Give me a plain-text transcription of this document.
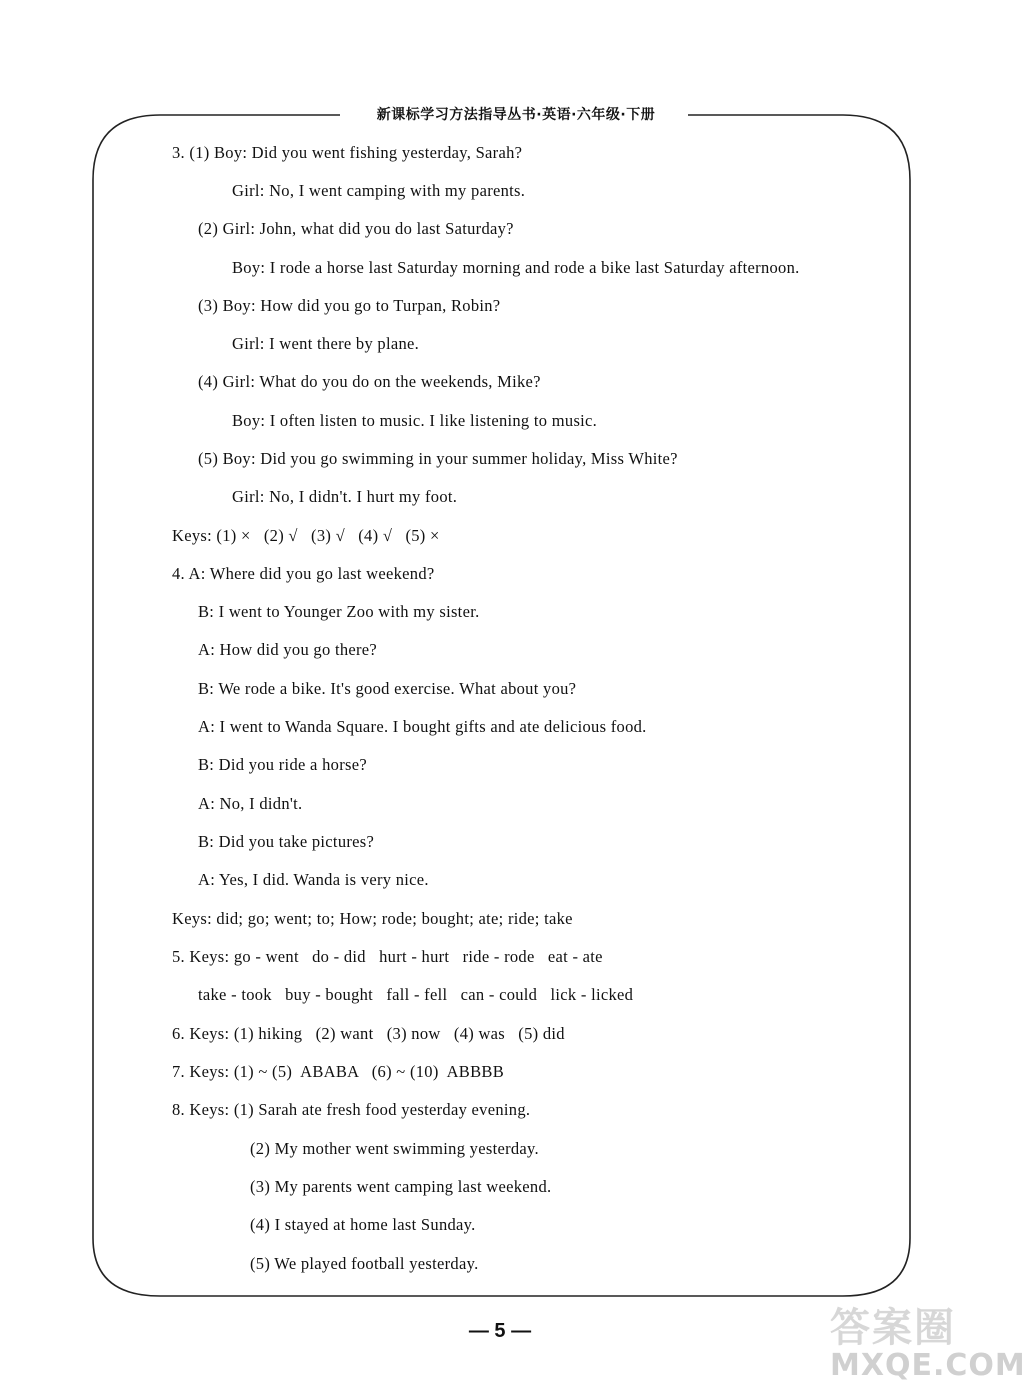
新课标学习方法指导丛书·英语·六年级·下册
3. (1) Boy: Did you went fishing yesterday, Sarah?
Girl: No, I went camping with my parents.
(2) Girl: John, what did you do last Saturday?
Boy: I rode a horse last Saturday morning and rode a bike last Saturday afternoon.
(3) Boy: How did you go to Turpan, Robin?
Girl: I went there by plane.
(4) Girl: What do you do on the weekends, Mike?
Boy: I often listen to music. I like listening to music.
(5) Boy: Did you go swimming in your summer holiday, Miss White?
Girl: No, I didn't. I hurt my foot.
Keys: (1) ×   (2) √   (3) √   (4) √   (5) ×
4. A: Where did you go last weekend?
B: I went to Younger Zoo with my sister.
A: How did you go there?
B: We rode a bike. It's good exercise. What about you?
A: I went to Wanda Square. I bought gifts and ate delicious food.
B: Did you ride a horse?
A: No, I didn't.
B: Did you take pictures?
A: Yes, I did. Wanda is very nice.
Keys: did; go; went; to; How; rode; bought; ate; ride; take
5. Keys: go - went   do - did   hurt - hurt   ride - rode   eat - ate
take - took   buy - bought   fall - fell   can - could   lick - licked
6. Keys: (1) hiking   (2) want   (3) now   (4) was   (5) did
7. Keys: (1) ~ (5)  ABABA   (6) ~ (10)  ABBBB
8. Keys: (1) Sarah ate fresh food yesterday evening.
(2) My mother went swimming yesterday.
(3) My parents went camping last weekend.
(4) I stayed at home last Sunday.
(5) We played football yesterday.
— 5 —	答案圈
MXQE.COM
